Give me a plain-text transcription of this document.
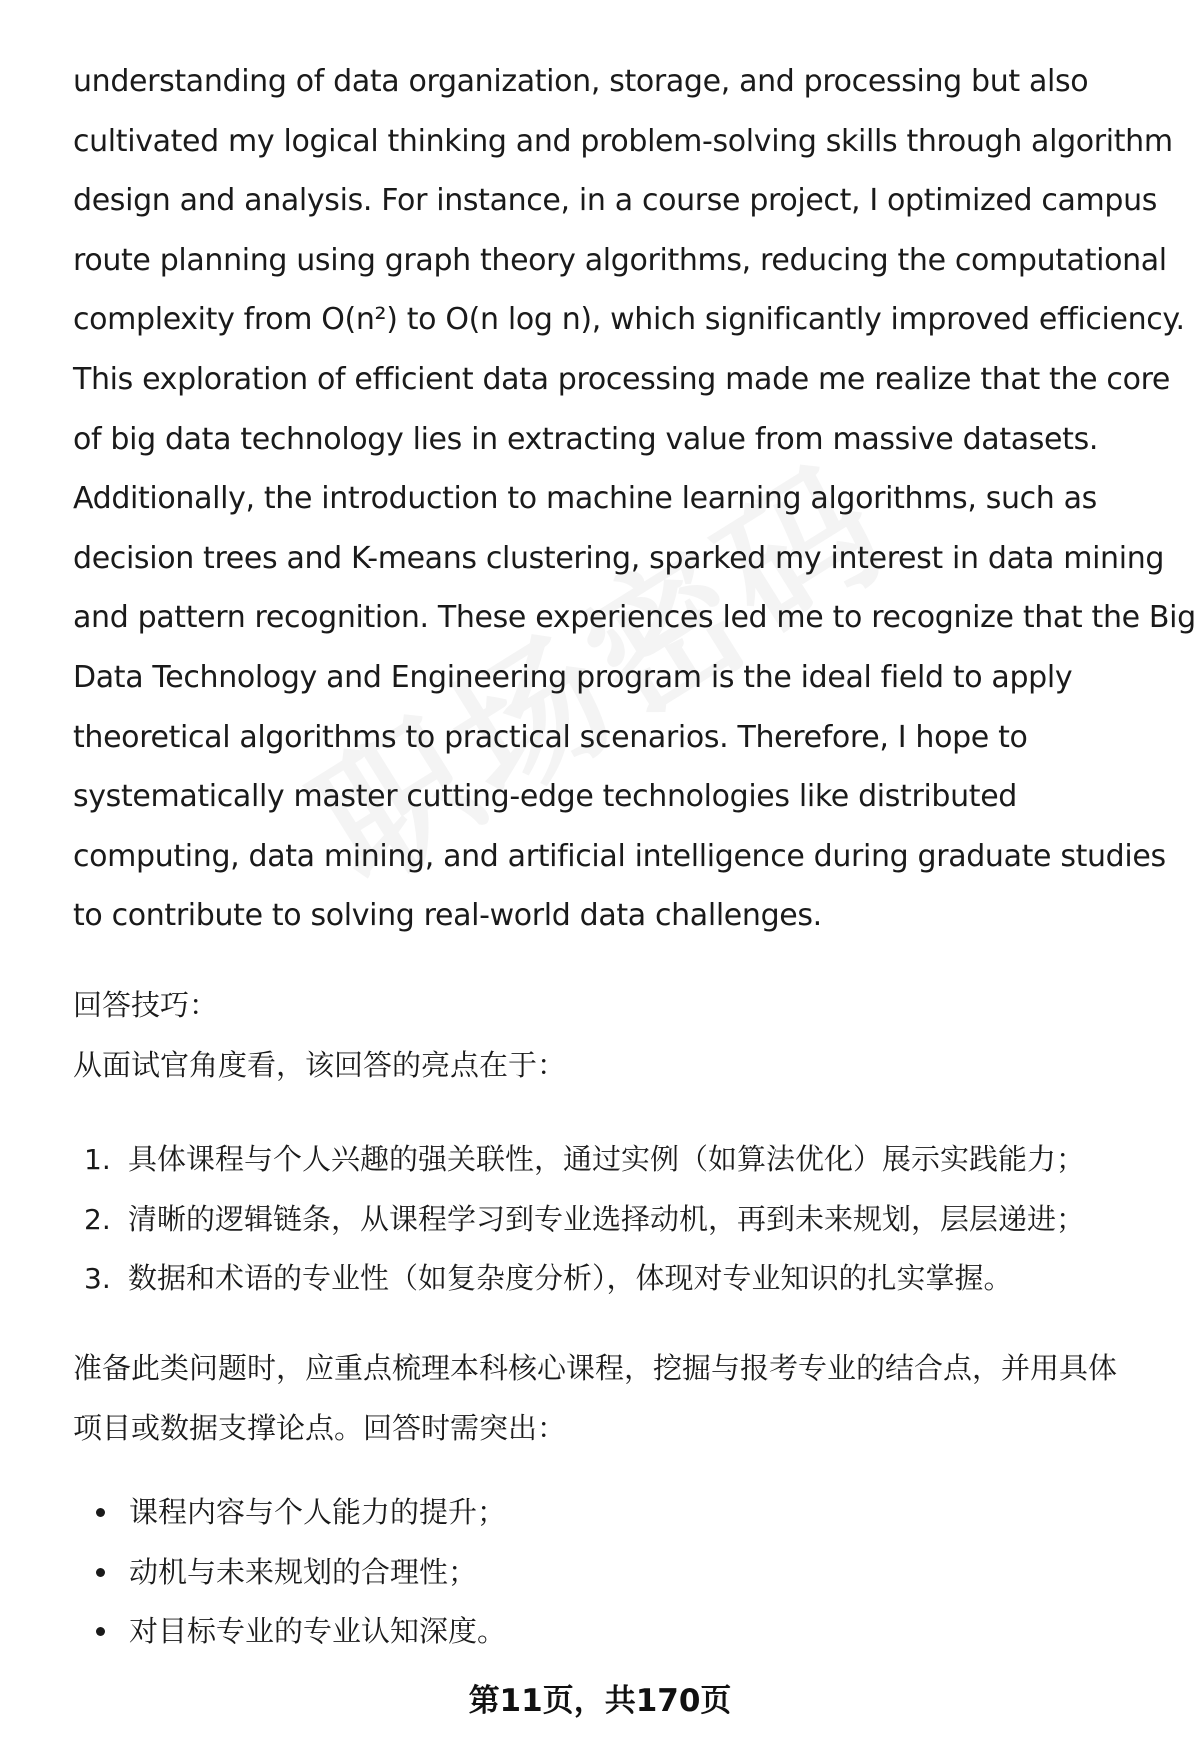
understanding of data organization, storage, and processing but also
cultivated my logical thinking and problem-solving skills through algorithm
design and analysis. For instance, in a course project, I optimized campus
route planning using graph theory algorithms, reducing the computational
complexity from O(n²) to O(n log n), which significantly improved efficiency.
This exploration of efficient data processing made me realize that the core
of big data technology lies in extracting value from massive datasets.
Additionally, the introduction to machine learning algorithms, such as
decision trees and K-means clustering, sparked my interest in data mining
and pattern recognition. These experiences led me to recognize that the Big
Data Technology and Engineering program is the ideal field to apply
theoretical algorithms to practical scenarios. Therefore, I hope to
systematically master cutting-edge technologies like distributed
computing, data mining, and artificial intelligence during graduate studies
to contribute to solving real-world data challenges.
回答技巧：
从面试官角度看，该回答的亮点在于：
1. 具体课程与个人兴趣的强关联性，通过实例（如算法优化）展示实践能力；
2. 清晰的逻辑链条，从课程学习到专业选择动机，再到未来规划，层层递进；
3. 数据和术语的专业性（如复杂度分析），体现对专业知识的扎实掌握。
准备此类问题时，应重点梳理本科核心课程，挖掘与报考专业的结合点，并用具体
项目或数据支撑论点。回答时需突出：
课程内容与个人能力的提升；
动机与未来规划的合理性；
对目标专业的专业认知深度。
第11页，共170页
